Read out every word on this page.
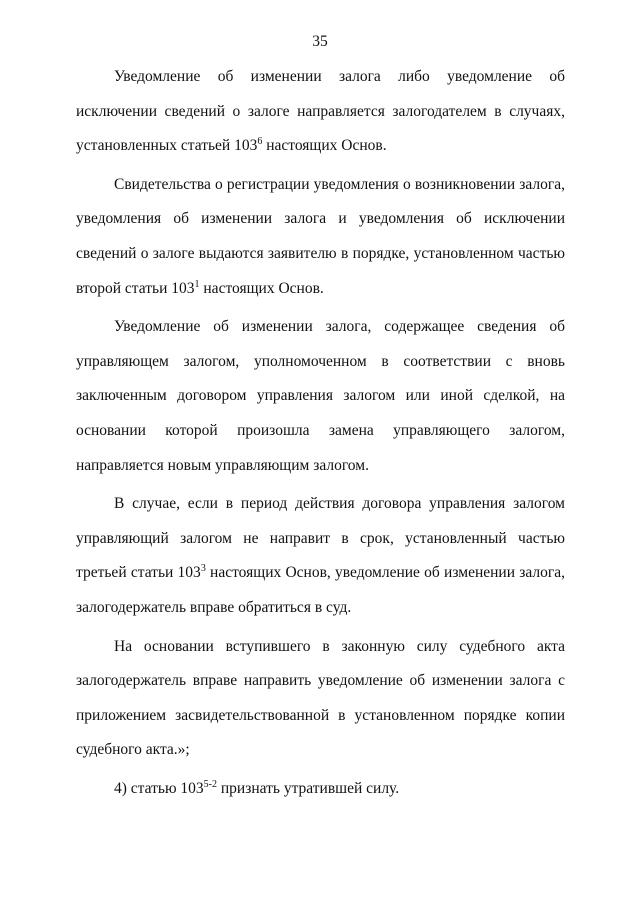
35

Уведомление об изменении залога либо уведомление об исключении сведений о залоге направляется залогодателем в случаях, установленных статьей $103^6$ настоящих Основ.

Свидетельства о регистрации уведомления о возникновении залога, уведомления об изменении залога и уведомления об исключении сведений о залоге выдаются заявителю в порядке, установленном частью второй статьи $103^1$ настоящих Основ.

Уведомление об изменении залога, содержащее сведения об управляющем залогом, уполномоченном в соответствии с вновь заключенным договором управления залогом или иной сделкой, на основании которой произошла замена управляющего залогом, направляется новым управляющим залогом.

В случае, если в период действия договора управления залогом управляющий залогом не направит в срок, установленный частью третьей статьи $103^3$ настоящих Основ, уведомление об изменении залога, залогодержатель вправе обратиться в суд.

На основании вступившего в законную силу судебного акта залогодержатель вправе направить уведомление об изменении залога с приложением засвидетельствованной в установленном порядке копии судебного акта.»;

4) статью 103$^{5-2}$ признать утратившей силу.
